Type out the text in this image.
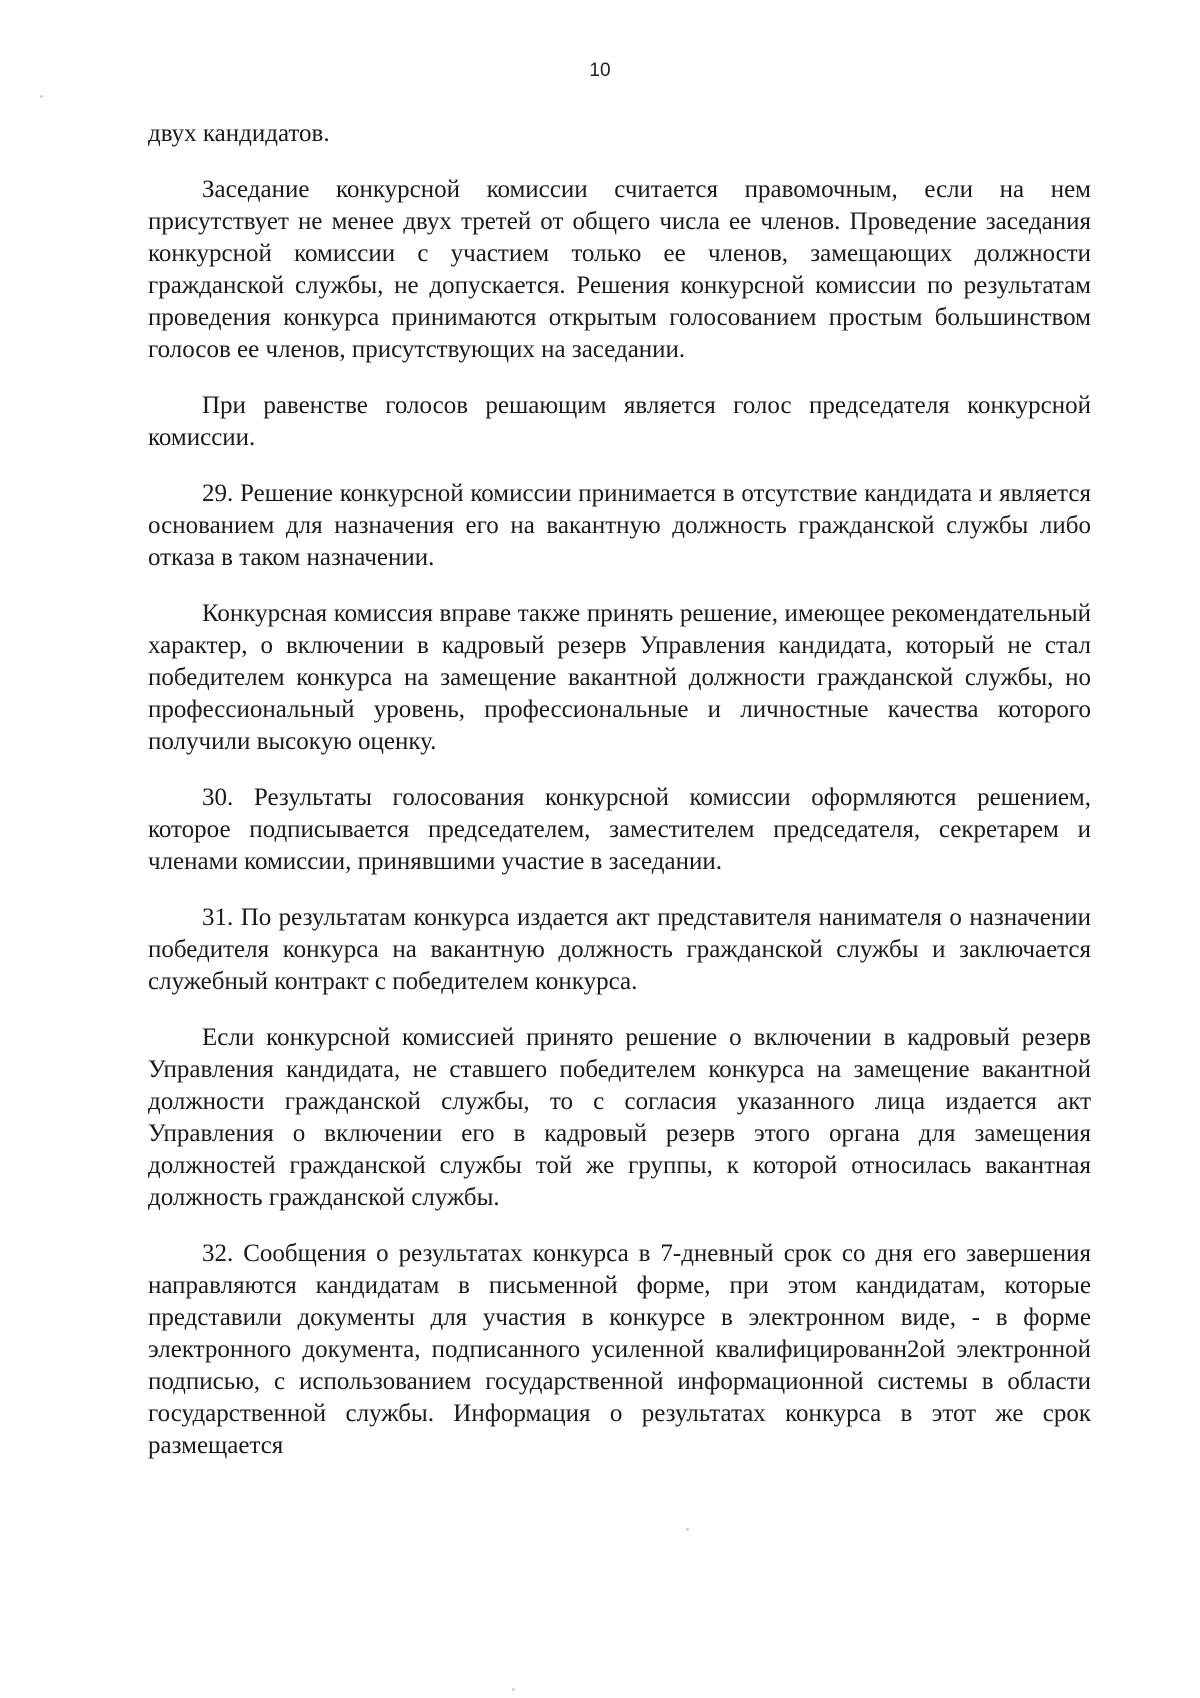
10

двух кандидатов.

Заседание конкурсной комиссии считается правомочным, если на нем присутствует не менее двух третей от общего числа ее членов. Проведение заседания конкурсной комиссии с участием только ее членов, замещающих должности гражданской службы, не допускается. Решения конкурсной комиссии по результатам проведения конкурса принимаются открытым голосованием простым большинством голосов ее членов, присутствующих на заседании.

При равенстве голосов решающим является голос председателя конкурсной комиссии.

29. Решение конкурсной комиссии принимается в отсутствие кандидата и является основанием для назначения его на вакантную должность гражданской службы либо отказа в таком назначении.

Конкурсная комиссия вправе также принять решение, имеющее рекомендательный характер, о включении в кадровый резерв Управления кандидата, который не стал победителем конкурса на замещение вакантной должности гражданской службы, но профессиональный уровень, профессиональные и личностные качества которого получили высокую оценку.

30. Результаты голосования конкурсной комиссии оформляются решением, которое подписывается председателем, заместителем председателя, секретарем и членами комиссии, принявшими участие в заседании.

31. По результатам конкурса издается акт представителя нанимателя о назначении победителя конкурса на вакантную должность гражданской службы и заключается служебный контракт с победителем конкурса.

Если конкурсной комиссией принято решение о включении в кадровый резерв Управления кандидата, не ставшего победителем конкурса на замещение вакантной должности гражданской службы, то с согласия указанного лица издается акт Управления о включении его в кадровый резерв этого органа для замещения должностей гражданской службы той же группы, к которой относилась вакантная должность гражданской службы.

32. Сообщения о результатах конкурса в 7-дневный срок со дня его завершения направляются кандидатам в письменной форме, при этом кандидатам, которые представили документы для участия в конкурсе в электронном виде, - в форме электронного документа, подписанного усиленной квалифицированн2ой электронной подписью, с использованием государственной информационной системы в области государственной службы. Информация о результатах конкурса в этот же срок размещается
